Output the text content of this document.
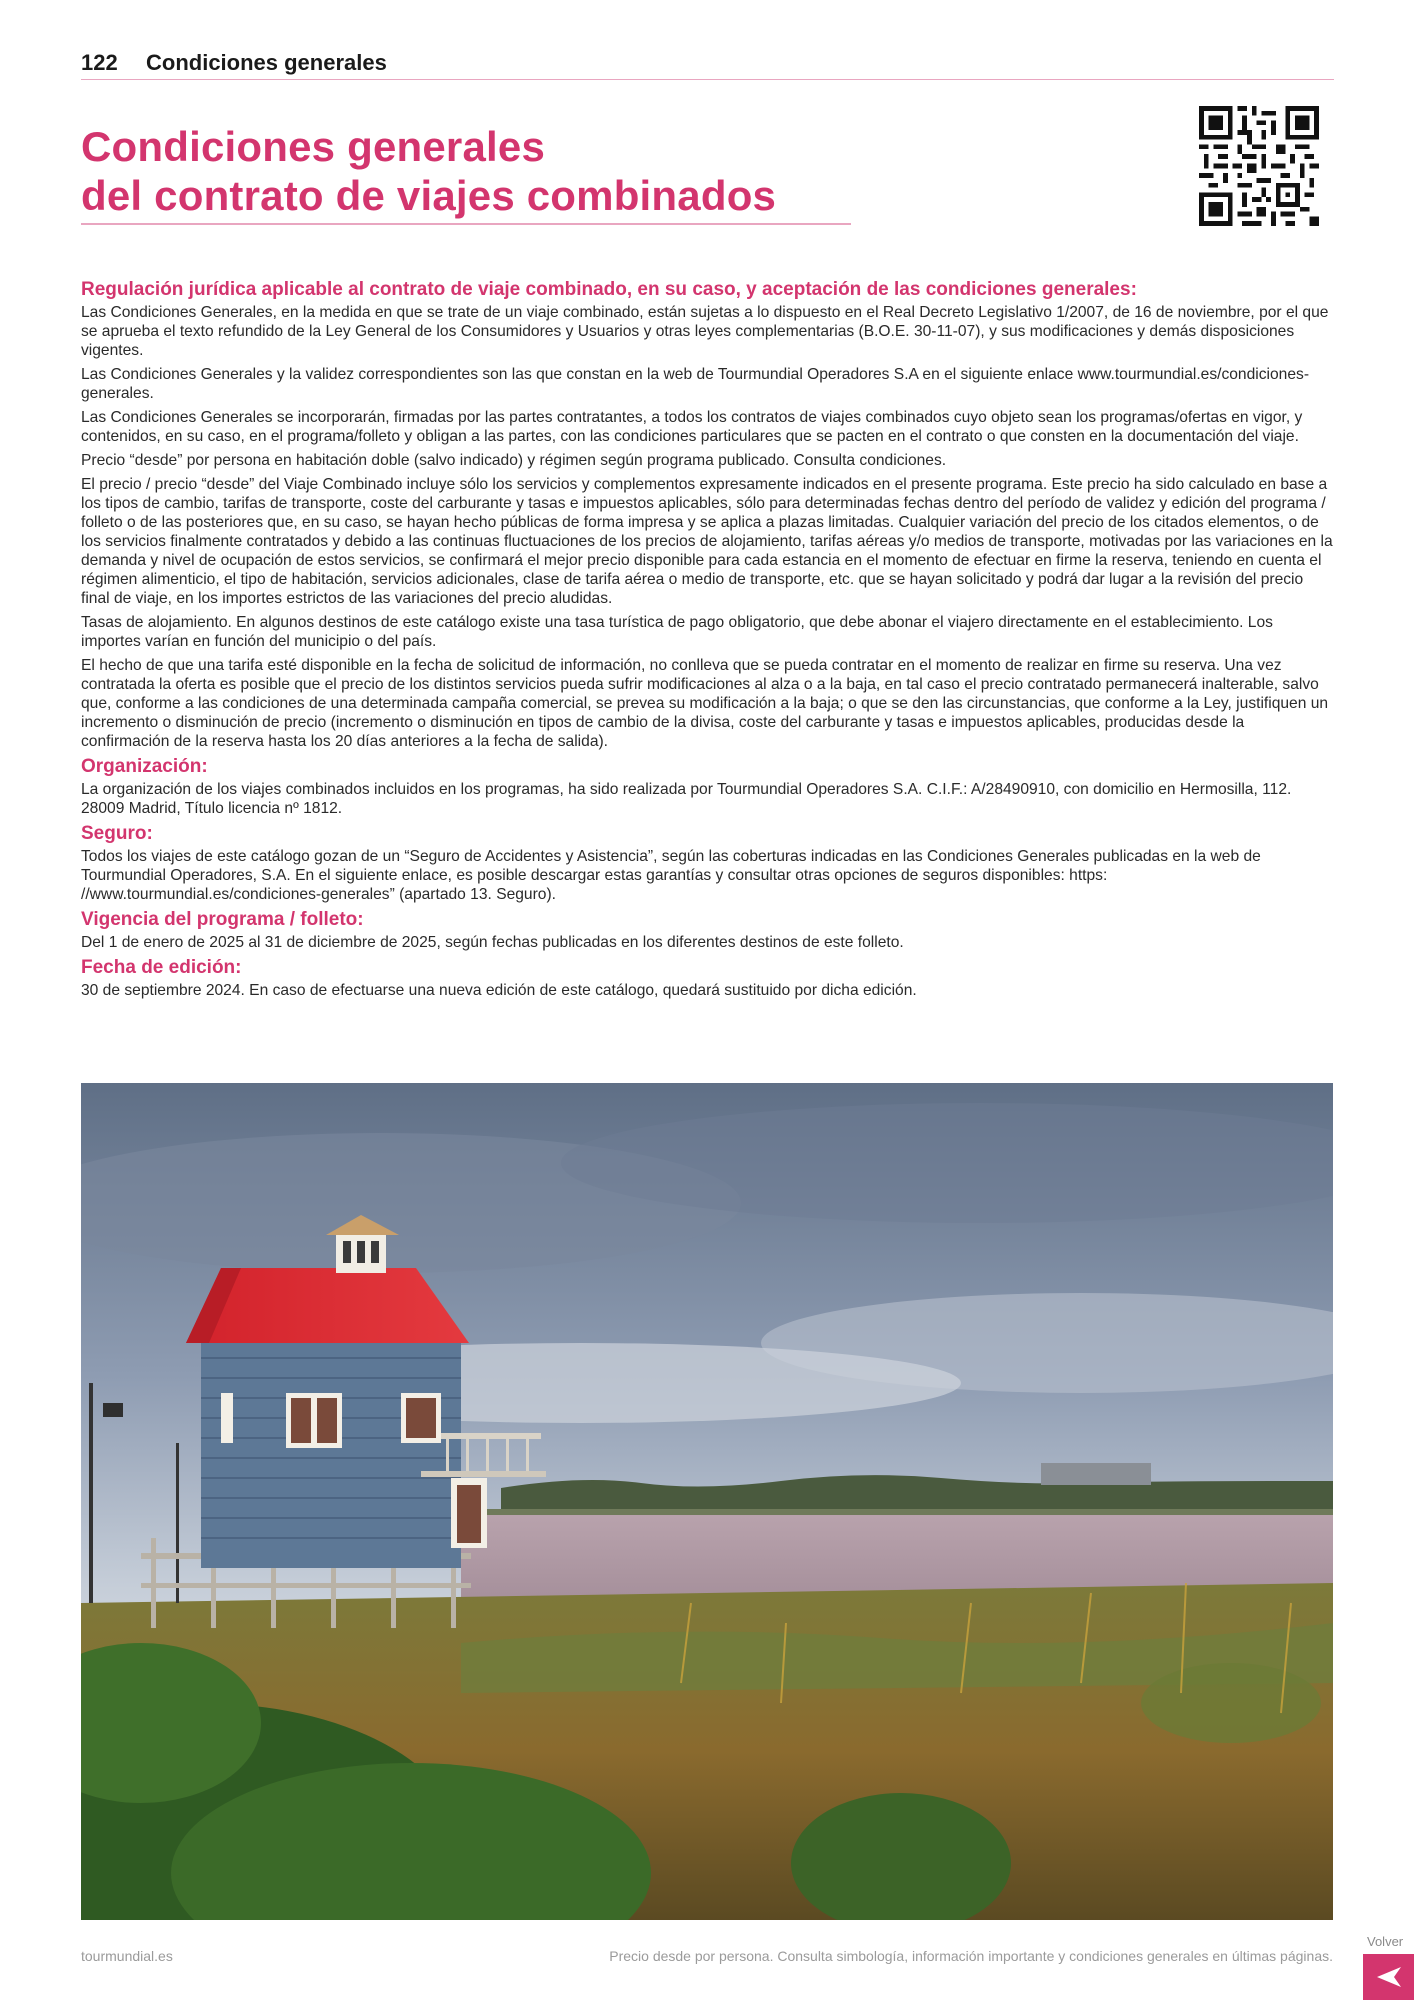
122 Condiciones generales
Condiciones generales
del contrato de viajes combinados
Regulación jurídica aplicable al contrato de viaje combinado, en su caso, y aceptación de las condiciones generales:

Las Condiciones Generales, en la medida en que se trate de un viaje combinado, están sujetas a lo dispuesto en el Real Decreto Legislativo 1/2007, de 16 de noviembre, por el que se aprueba el texto refundido de la Ley General de los Consumidores y Usuarios y otras leyes complementarias (B.O.E. 30-11-07), y sus modificaciones y demás disposiciones vigentes.

Las Condiciones Generales y la validez correspondientes son las que constan en la web de Tourmundial Operadores S.A en el siguiente enlace www.tourmundial.es/condiciones-generales.

Las Condiciones Generales se incorporarán, firmadas por las partes contratantes, a todos los contratos de viajes combinados cuyo objeto sean los programas/ofertas en vigor, y contenidos, en su caso, en el programa/folleto y obligan a las partes, con las condiciones particulares que se pacten en el contrato o que consten en la documentación del viaje.

Precio “desde” por persona en habitación doble (salvo indicado) y régimen según programa publicado. Consulta condiciones.

El precio / precio “desde” del Viaje Combinado incluye sólo los servicios y complementos expresamente indicados en el presente programa. Este precio ha sido calculado en base a los tipos de cambio, tarifas de transporte, coste del carburante y tasas e impuestos aplicables, sólo para determinadas fechas dentro del período de validez y edición del programa / folleto o de las posteriores que, en su caso, se hayan hecho públicas de forma impresa y se aplica a plazas limitadas. Cualquier variación del precio de los citados elementos, o de los servicios finalmente contratados y debido a las continuas fluctuaciones de los precios de alojamiento, tarifas aéreas y/o medios de transporte, motivadas por las variaciones en la demanda y nivel de ocupación de estos servicios, se confirmará el mejor precio disponible para cada estancia en el momento de efectuar en firme la reserva, teniendo en cuenta el régimen alimenticio, el tipo de habitación, servicios adicionales, clase de tarifa aérea o medio de transporte, etc. que se hayan solicitado y podrá dar lugar a la revisión del precio final de viaje, en los importes estrictos de las variaciones del precio aludidas.

Tasas de alojamiento. En algunos destinos de este catálogo existe una tasa turística de pago obligatorio, que debe abonar el viajero directamente en el establecimiento. Los importes varían en función del municipio o del país.

El hecho de que una tarifa esté disponible en la fecha de solicitud de información, no conlleva que se pueda contratar en el momento de realizar en firme su reserva. Una vez contratada la oferta es posible que el precio de los distintos servicios pueda sufrir modificaciones al alza o a la baja, en tal caso el precio contratado permanecerá inalterable, salvo que, conforme a las condiciones de una determinada campaña comercial, se prevea su modificación a la baja; o que se den las circunstancias, que conforme a la Ley, justifiquen un incremento o disminución de precio (incremento o disminución en tipos de cambio de la divisa, coste del carburante y tasas e impuestos aplicables, producidas desde la confirmación de la reserva hasta los 20 días anteriores a la fecha de salida).

Organización:

La organización de los viajes combinados incluidos en los programas, ha sido realizada por Tourmundial Operadores S.A. C.I.F.: A/28490910, con domicilio en Hermosilla, 112. 28009 Madrid, Título licencia nº 1812.

Seguro:

Todos los viajes de este catálogo gozan de un “Seguro de Accidentes y Asistencia”, según las coberturas indicadas en las Condiciones Generales publicadas en la web de Tourmundial Operadores, S.A. En el siguiente enlace, es posible descargar estas garantías y consultar otras opciones de seguros disponibles: https: //www.tourmundial.es/condiciones-generales” (apartado 13. Seguro).

Vigencia del programa / folleto:

Del 1 de enero de 2025 al 31 de diciembre de 2025, según fechas publicadas en los diferentes destinos de este folleto.

Fecha de edición:

30 de septiembre 2024. En caso de efectuarse una nueva edición de este catálogo, quedará sustituido por dicha edición.

tourmundial.es	Precio desde por persona. Consulta simbología, información importante y condiciones generales en últimas páginas.
Volver
